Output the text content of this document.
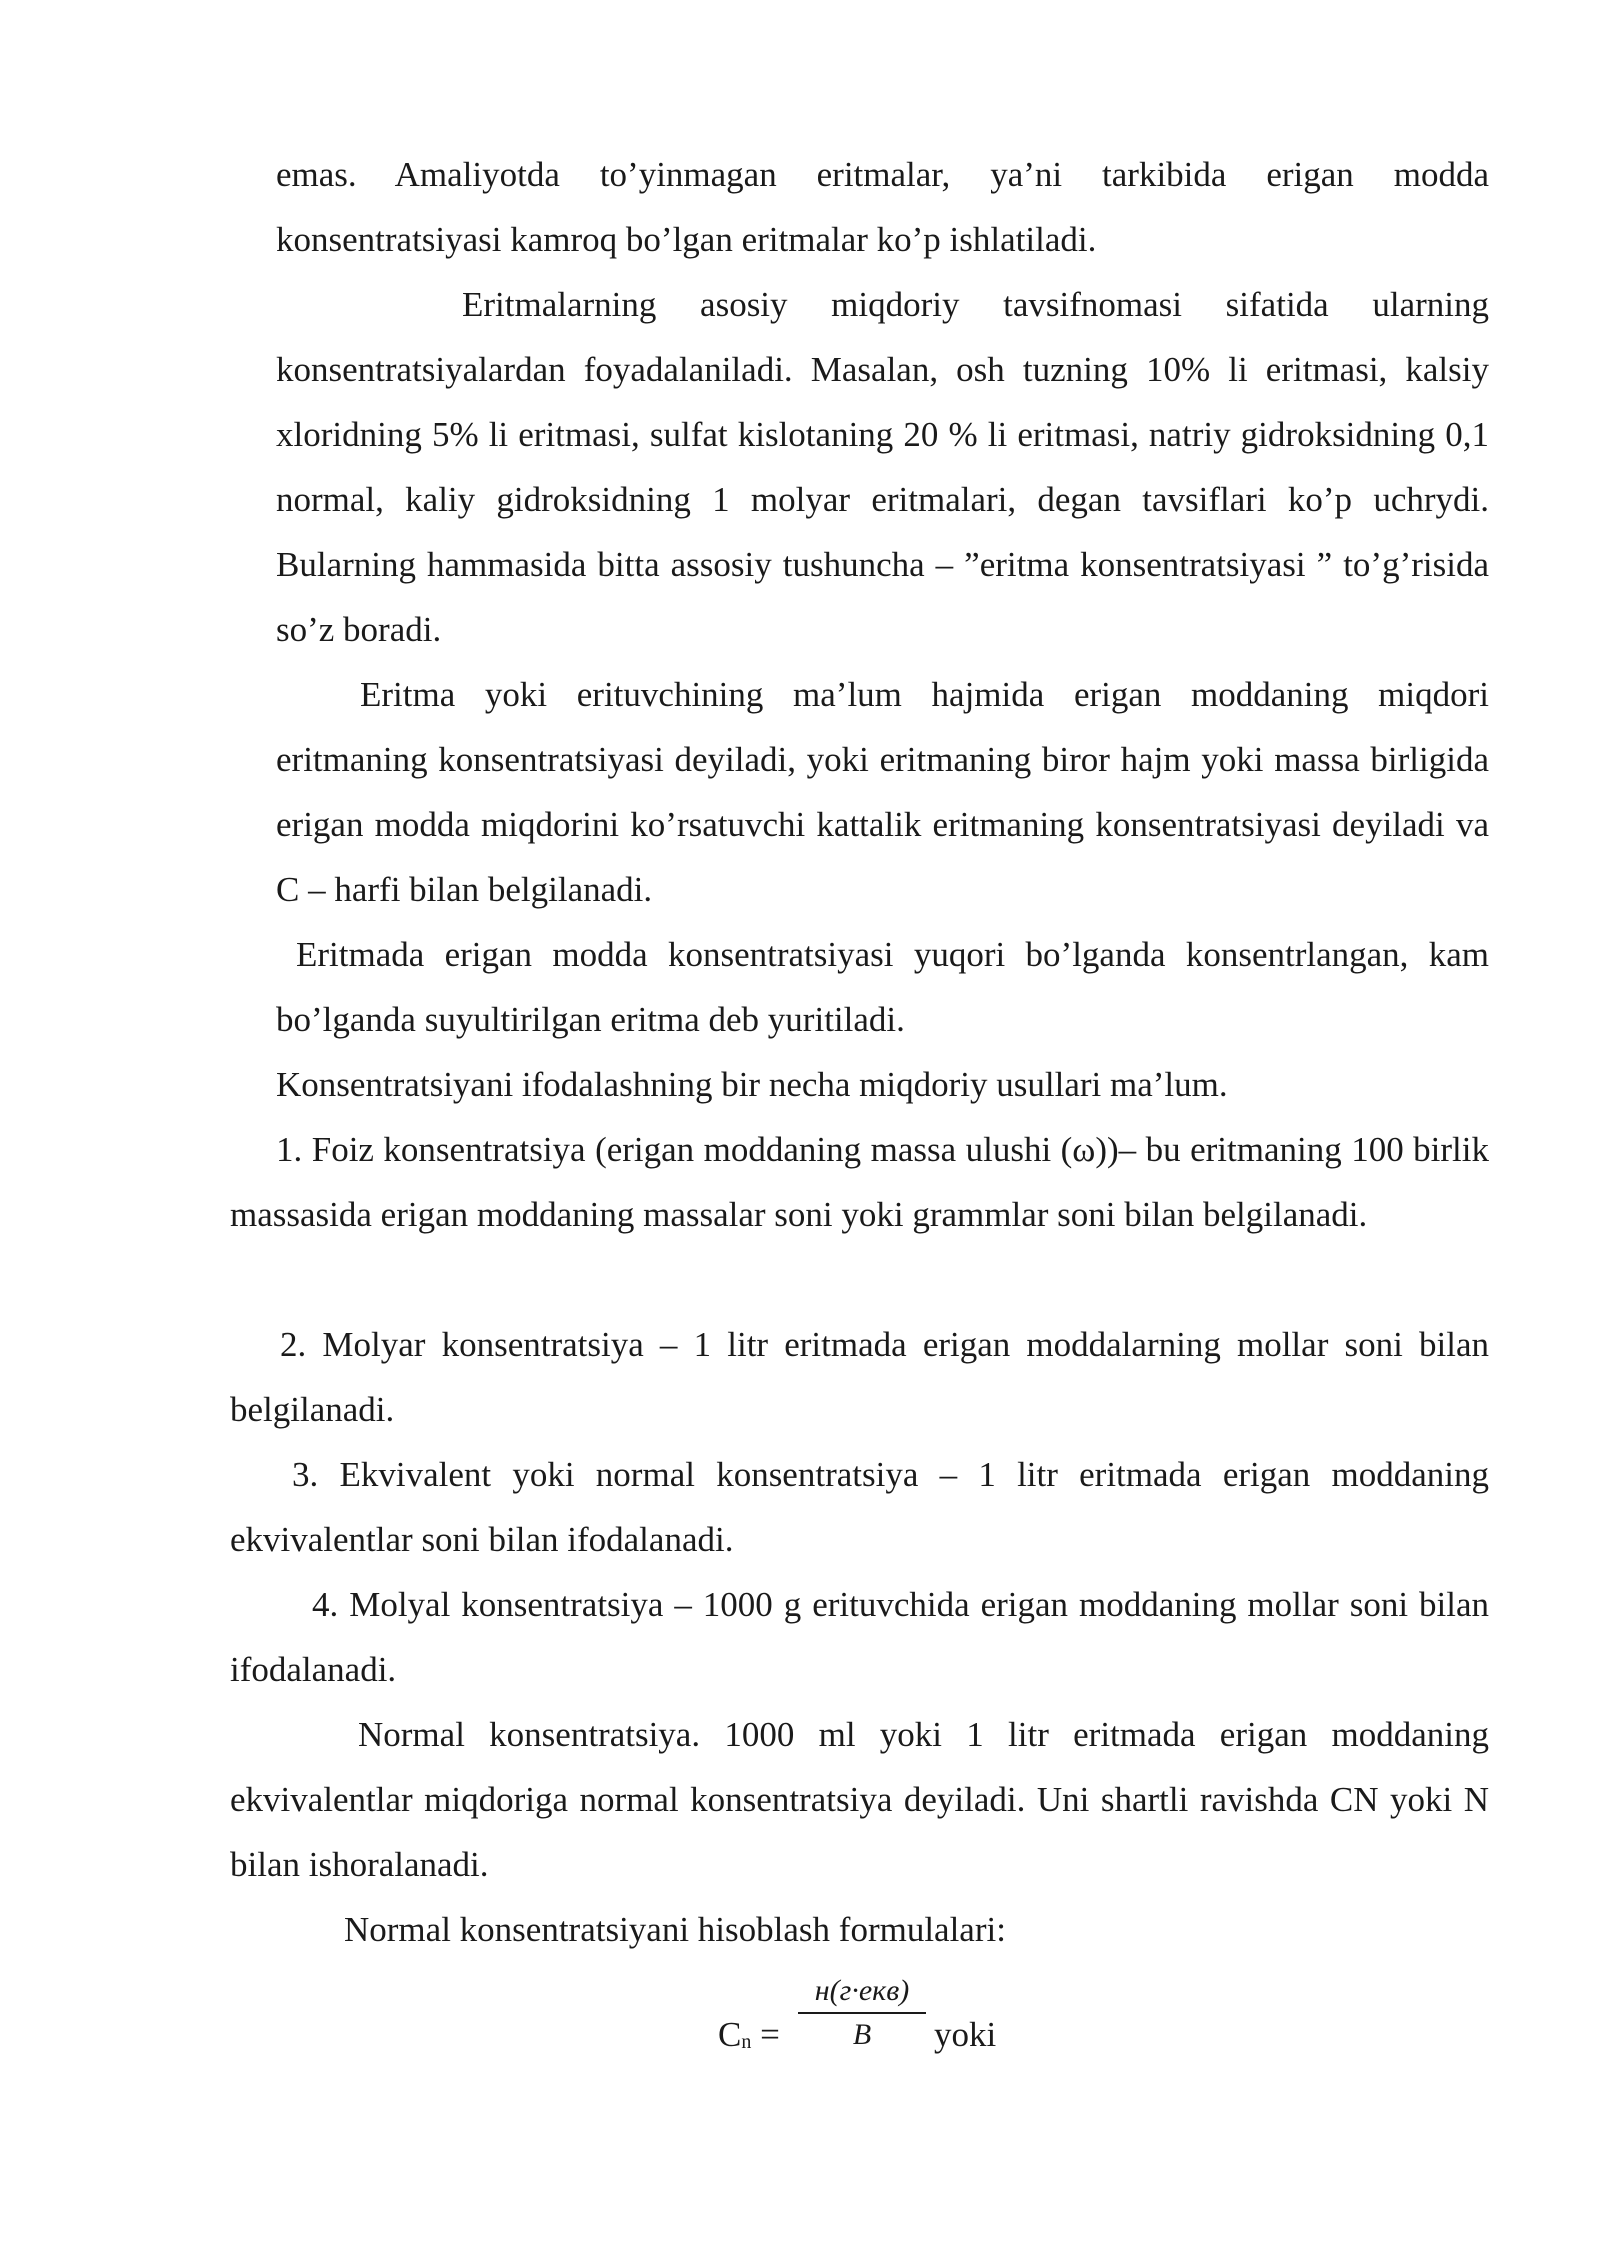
emas. Amaliyotda to’yinmagan eritmalar, ya’ni tarkibida erigan modda konsentratsiyasi kamroq bo’lgan eritmalar ko’p ishlatiladi.

Eritmalarning asosiy miqdoriy tavsifnomasi sifatida ularning konsentratsiyalardan foyadalaniladi. Masalan, osh tuzning 10% li eritmasi, kalsiy xloridning 5% li eritmasi, sulfat kislotaning 20 % li eritmasi, natriy gidroksidning 0,1 normal, kaliy gidroksidning 1 molyar eritmalari, degan tavsiflari ko’p uchrydi. Bularning hammasida bitta assosiy tushuncha – ”eritma konsentratsiyasi ” to’g’risida so’z boradi.

Eritma yoki erituvchining ma’lum hajmida erigan moddaning miqdori eritmaning konsentratsiyasi deyiladi, yoki eritmaning biror hajm yoki massa birligida erigan modda miqdorini ko’rsatuvchi kattalik eritmaning konsentratsiyasi deyiladi va C – harfi bilan belgilanadi.

Eritmada erigan modda konsentratsiyasi yuqori bo’lganda konsentrlangan, kam bo’lganda suyultirilgan eritma deb yuritiladi.

Konsentratsiyani ifodalashning bir necha miqdoriy usullari ma’lum.

1. Foiz konsentratsiya (erigan moddaning massa ulushi (ω))– bu eritmaning 100 birlik massasida erigan moddaning massalar soni yoki grammlar soni bilan belgilanadi.

2. Molyar konsentratsiya – 1 litr eritmada erigan moddalarning mollar soni bilan belgilanadi.

3. Ekvivalent yoki normal konsentratsiya – 1 litr eritmada erigan moddaning ekvivalentlar soni bilan ifodalanadi.

4. Molyal konsentratsiya – 1000 g erituvchida erigan moddaning mollar soni bilan ifodalanadi.

Normal konsentratsiya. 1000 ml yoki 1 litr eritmada erigan moddaning ekvivalentlar miqdoriga normal konsentratsiya deyiladi. Uni shartli ravishda CN yoki N bilan ishoralanadi.

Normal konsentratsiyani hisoblash formulalari:

$C_n$ =
н(г·екв)
В	yoki
